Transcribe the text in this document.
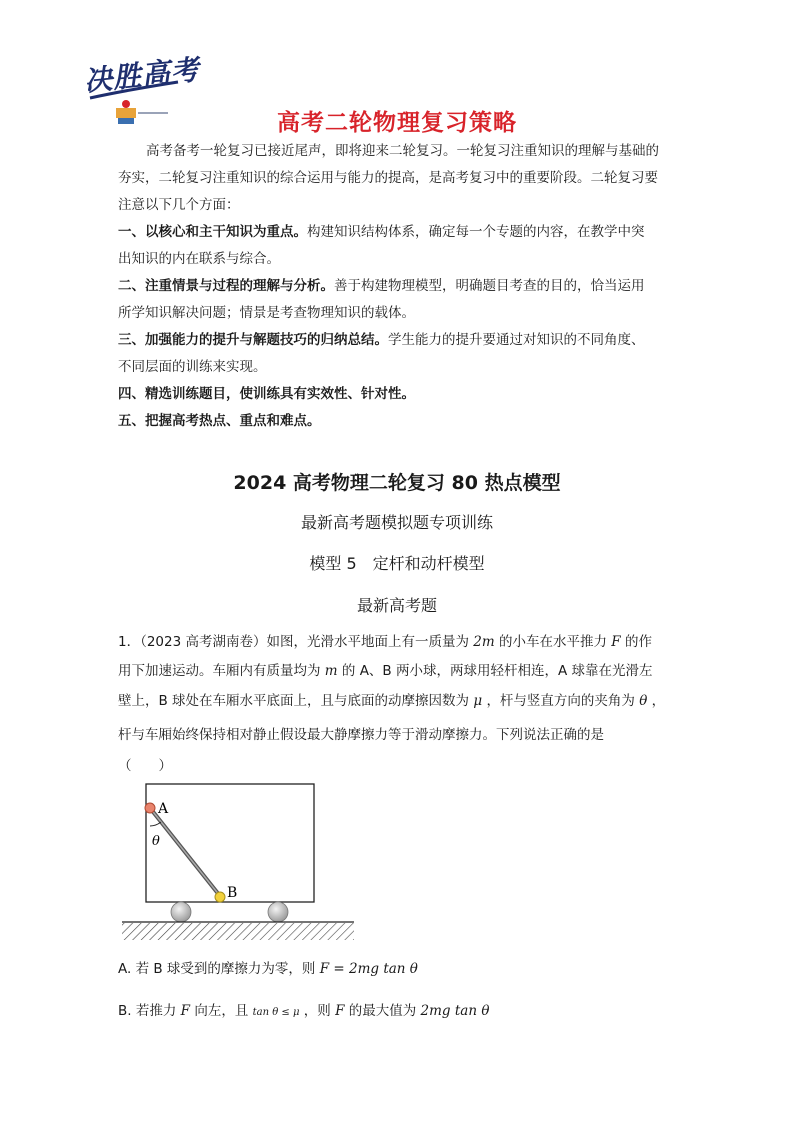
决胜高考
高考二轮物理复习策略
高考备考一轮复习已接近尾声，即将迎来二轮复习。一轮复习注重知识的理解与基础的
夯实，二轮复习注重知识的综合运用与能力的提高，是高考复习中的重要阶段。二轮复习要
注意以下几个方面：
一、以核心和主干知识为重点。构建知识结构体系，确定每一个专题的内容，在教学中突
出知识的内在联系与综合。
二、注重情景与过程的理解与分析。善于构建物理模型，明确题目考查的目的，恰当运用
所学知识解决问题；情景是考查物理知识的载体。
三、加强能力的提升与解题技巧的归纳总结。学生能力的提升要通过对知识的不同角度、
不同层面的训练来实现。
四、精选训练题目，使训练具有实效性、针对性。
五、把握高考热点、重点和难点。
2024 高考物理二轮复习 80 热点模型
最新高考题模拟题专项训练
模型 5　定杆和动杆模型
最新高考题
1．（2023 高考湖南卷）如图，光滑水平地面上有一质量为 2m 的小车在水平推力 F 的作
用下加速运动。车厢内有质量均为 m 的 A、B 两小球，两球用轻杆相连，A 球靠在光滑左
壁上，B 球处在车厢水平底面上，且与底面的动摩擦因数为 μ ，杆与竖直方向的夹角为 θ ，
杆与车厢始终保持相对静止假设最大静摩擦力等于滑动摩擦力。下列说法正确的是
（　　）
A
B
θ
A. 若 B 球受到的摩擦力为零，则 F = 2mg tan θ
B. 若推力 F 向左，且 tan θ ≤ μ ，则 F 的最大值为 2mg tan θ
